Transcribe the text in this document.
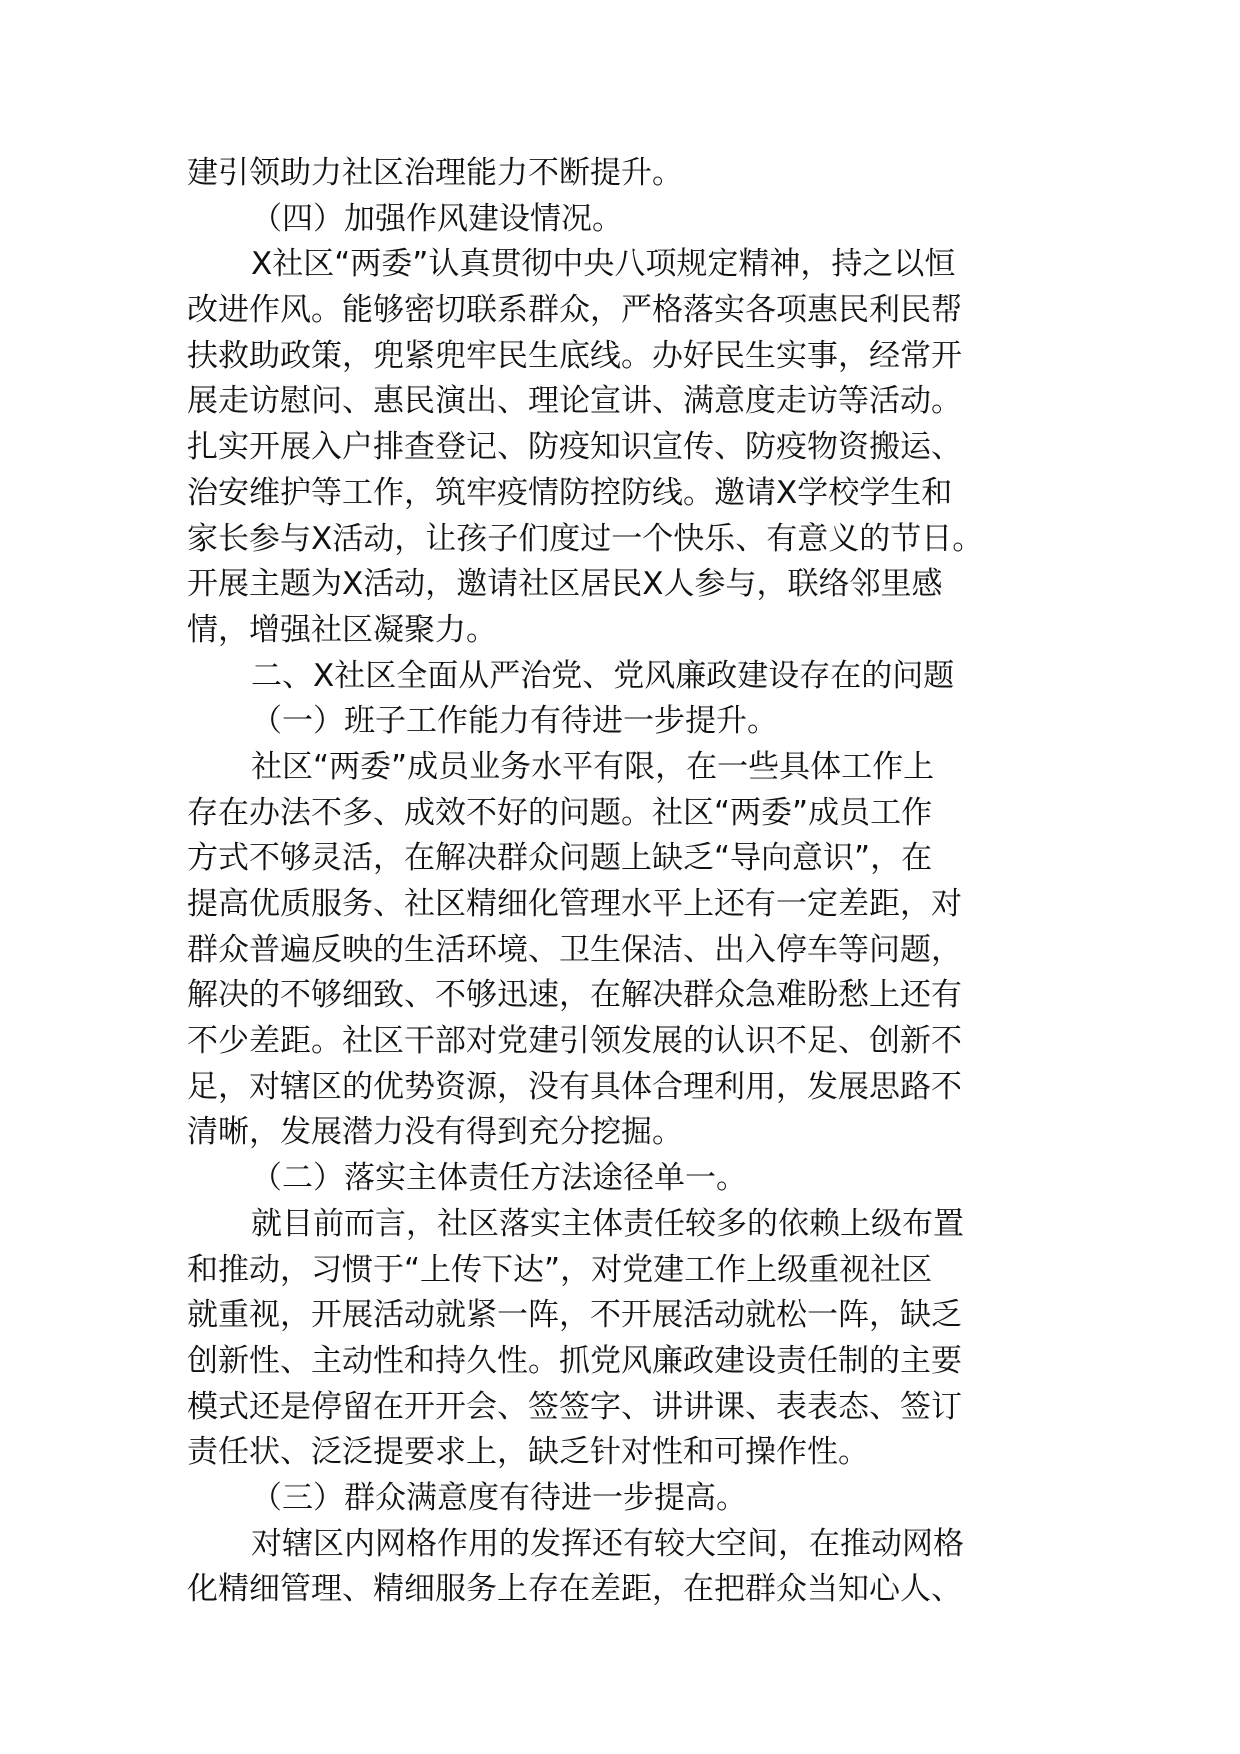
建引领助力社区治理能力不断提升。
（四）加强作风建设情况。
X社区“两委”认真贯彻中央八项规定精神，持之以恒
改进作风。能够密切联系群众，严格落实各项惠民利民帮
扶救助政策，兜紧兜牢民生底线。办好民生实事，经常开
展走访慰问、惠民演出、理论宣讲、满意度走访等活动。
扎实开展入户排查登记、防疫知识宣传、防疫物资搬运、
治安维护等工作，筑牢疫情防控防线。邀请X学校学生和
家长参与X活动，让孩子们度过一个快乐、有意义的节日。
开展主题为X活动，邀请社区居民X人参与，联络邻里感
情，增强社区凝聚力。
二、X社区全面从严治党、党风廉政建设存在的问题
（一）班子工作能力有待进一步提升。
社区“两委”成员业务水平有限，在一些具体工作上
存在办法不多、成效不好的问题。社区“两委”成员工作
方式不够灵活，在解决群众问题上缺乏“导向意识”，在
提高优质服务、社区精细化管理水平上还有一定差距，对
群众普遍反映的生活环境、卫生保洁、出入停车等问题，
解决的不够细致、不够迅速，在解决群众急难盼愁上还有
不少差距。社区干部对党建引领发展的认识不足、创新不
足，对辖区的优势资源，没有具体合理利用，发展思路不
清晰，发展潜力没有得到充分挖掘。
（二）落实主体责任方法途径单一。
就目前而言，社区落实主体责任较多的依赖上级布置
和推动，习惯于“上传下达”，对党建工作上级重视社区
就重视，开展活动就紧一阵，不开展活动就松一阵，缺乏
创新性、主动性和持久性。抓党风廉政建设责任制的主要
模式还是停留在开开会、签签字、讲讲课、表表态、签订
责任状、泛泛提要求上，缺乏针对性和可操作性。
（三）群众满意度有待进一步提高。
对辖区内网格作用的发挥还有较大空间，在推动网格
化精细管理、精细服务上存在差距，在把群众当知心人、
